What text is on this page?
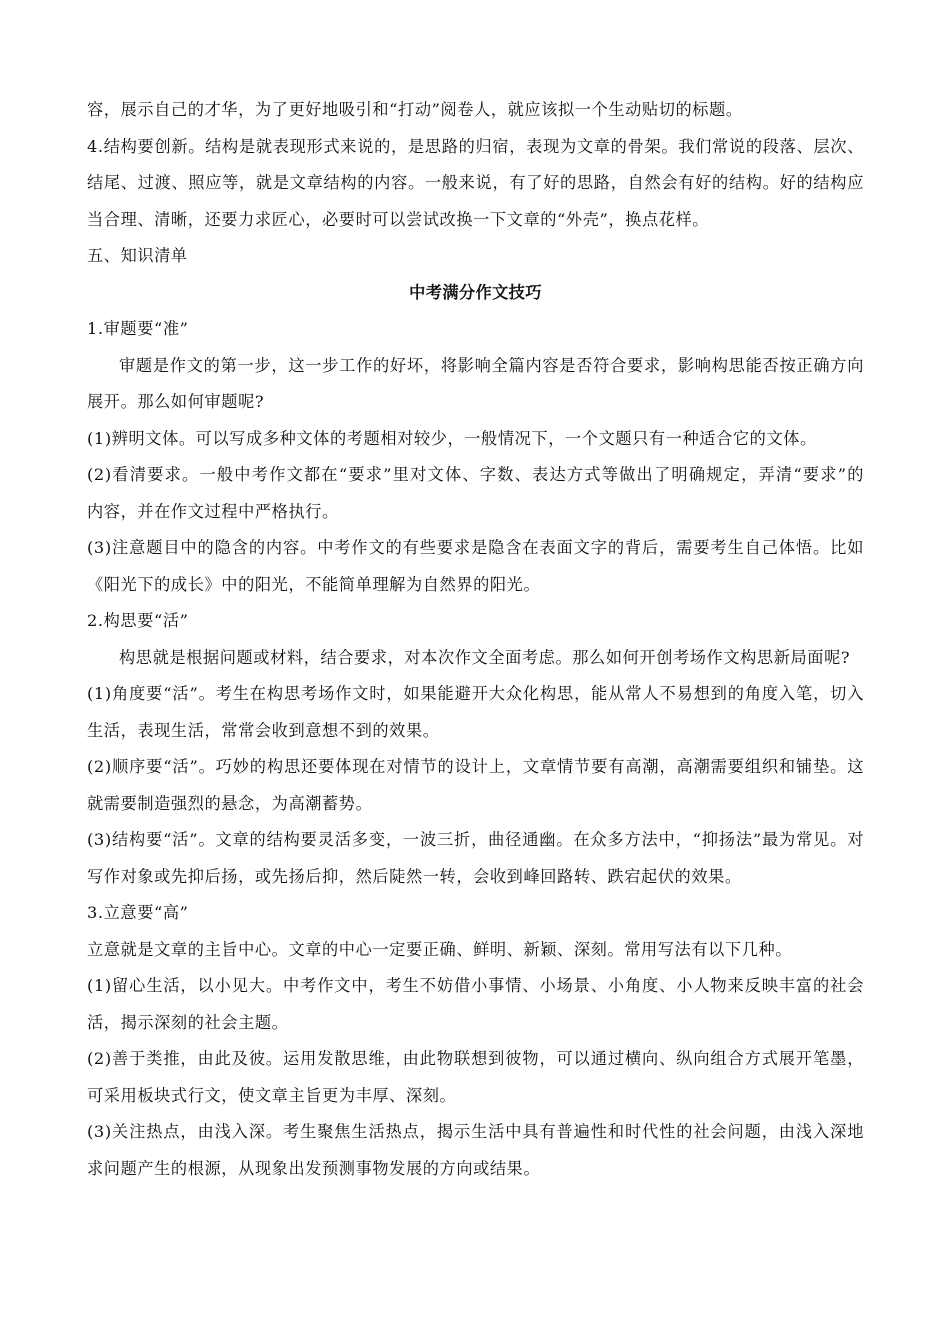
容，展示自己的才华，为了更好地吸引和“打动”阅卷人，就应该拟一个生动贴切的标题。
4.结构要创新。结构是就表现形式来说的，是思路的归宿，表现为文章的骨架。我们常说的段落、层次、
结尾、过渡、照应等，就是文章结构的内容。一般来说，有了好的思路，自然会有好的结构。好的结构应
当合理、清晰，还要力求匠心，必要时可以尝试改换一下文章的“外壳”，换点花样。
五、知识清单
中考满分作文技巧
1.审题要“准”
审题是作文的第一步，这一步工作的好坏，将影响全篇内容是否符合要求，影响构思能否按正确方向
展开。那么如何审题呢?
(1)辨明文体。可以写成多种文体的考题相对较少，一般情况下，一个文题只有一种适合它的文体。
(2)看清要求。一般中考作文都在“要求”里对文体、字数、表达方式等做出了明确规定，弄清“要求”的
内容，并在作文过程中严格执行。
(3)注意题目中的隐含的内容。中考作文的有些要求是隐含在表面文字的背后，需要考生自己体悟。比如
《阳光下的成长》中的阳光，不能简单理解为自然界的阳光。
2.构思要“活”
构思就是根据问题或材料，结合要求，对本次作文全面考虑。那么如何开创考场作文构思新局面呢?
(1)角度要“活”。考生在构思考场作文时，如果能避开大众化构思，能从常人不易想到的角度入笔，切入
生活，表现生活，常常会收到意想不到的效果。
(2)顺序要“活”。巧妙的构思还要体现在对情节的设计上，文章情节要有高潮，高潮需要组织和铺垫。这
就需要制造强烈的悬念，为高潮蓄势。
(3)结构要“活”。文章的结构要灵活多变，一波三折，曲径通幽。在众多方法中，“抑扬法”最为常见。对
写作对象或先抑后扬，或先扬后抑，然后陡然一转，会收到峰回路转、跌宕起伏的效果。
3.立意要“高”
立意就是文章的主旨中心。文章的中心一定要正确、鲜明、新颖、深刻。常用写法有以下几种。
(1)留心生活，以小见大。中考作文中，考生不妨借小事情、小场景、小角度、小人物来反映丰富的社会
活，揭示深刻的社会主题。
(2)善于类推，由此及彼。运用发散思维，由此物联想到彼物，可以通过横向、纵向组合方式展开笔墨，
可采用板块式行文，使文章主旨更为丰厚、深刻。
(3)关注热点，由浅入深。考生聚焦生活热点，揭示生活中具有普遍性和时代性的社会问题，由浅入深地
求问题产生的根源，从现象出发预测事物发展的方向或结果。
